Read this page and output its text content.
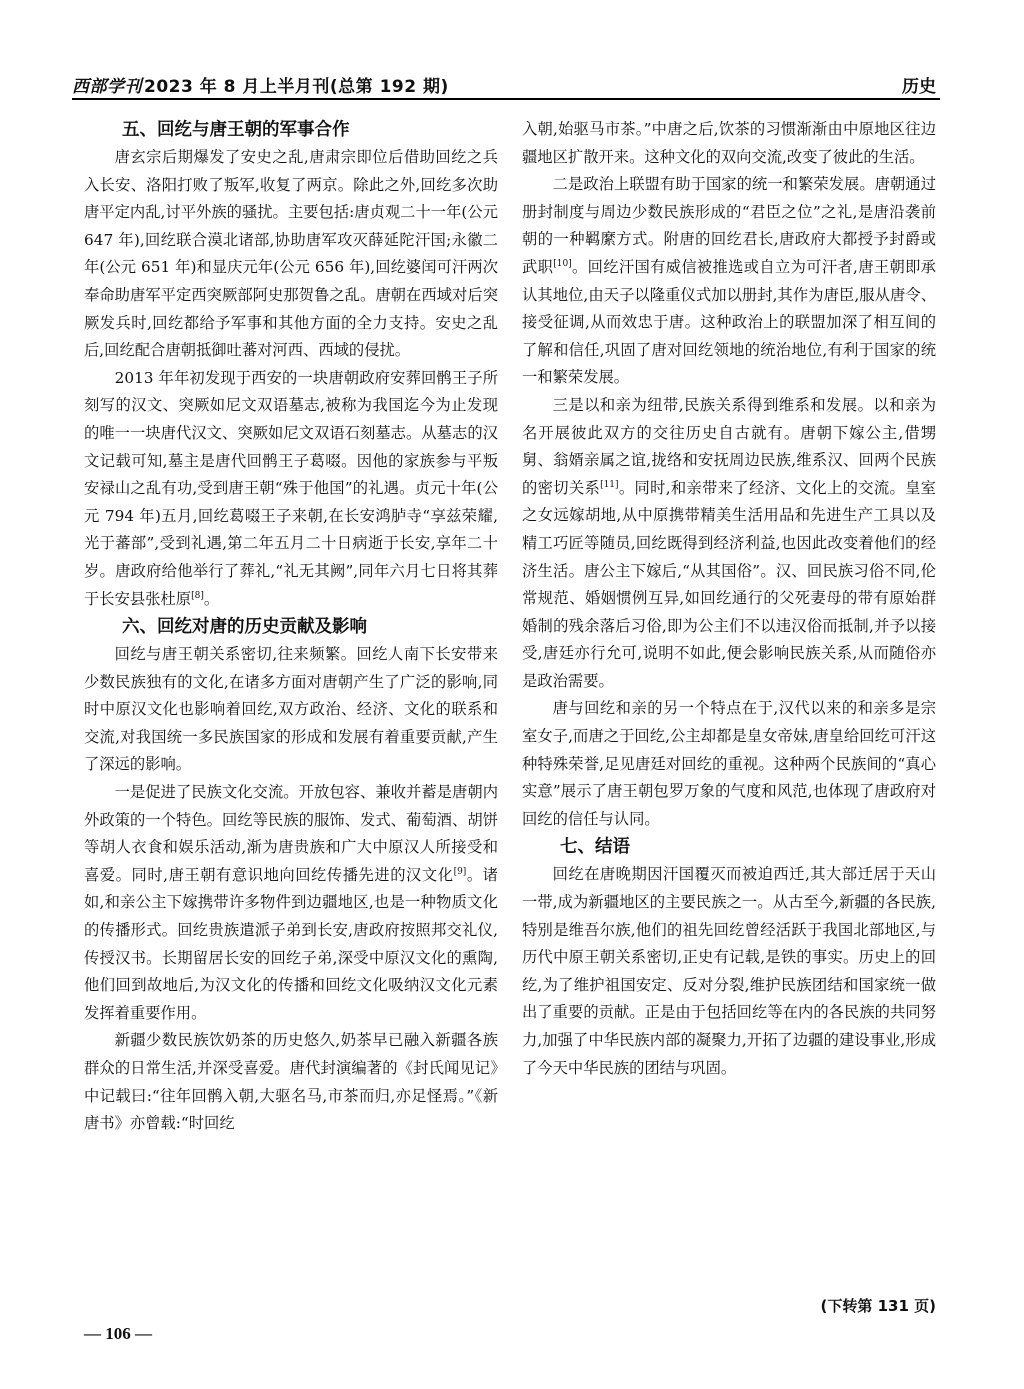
西部学刊 2023 年 8 月上半月刊(总第 192 期)	历史
五、回纥与唐王朝的军事合作

唐玄宗后期爆发了安史之乱,唐肃宗即位后借助回纥之兵入长安、洛阳打败了叛军,收复了两京。除此之外,回纥多次助唐平定内乱,讨平外族的骚扰。主要包括:唐贞观二十一年(公元 647 年),回纥联合漠北诸部,协助唐军攻灭薛延陀汗国;永徽二年(公元 651 年)和显庆元年(公元 656 年),回纥婆闰可汗两次奉命助唐军平定西突厥部阿史那贺鲁之乱。唐朝在西域对后突厥发兵时,回纥都给予军事和其他方面的全力支持。安史之乱后,回纥配合唐朝抵御吐蕃对河西、西域的侵扰。

2013 年年初发现于西安的一块唐朝政府安葬回鹘王子所刻写的汉文、突厥如尼文双语墓志,被称为我国迄今为止发现的唯一一块唐代汉文、突厥如尼文双语石刻墓志。从墓志的汉文记载可知,墓主是唐代回鹘王子葛啜。因他的家族参与平叛安禄山之乱有功,受到唐王朝“殊于他国”的礼遇。贞元十年(公元 794 年)五月,回纥葛啜王子来朝,在长安鸿胪寺“享兹荣耀,光于蕃部”,受到礼遇,第二年五月二十日病逝于长安,享年二十岁。唐政府给他举行了葬礼,“礼无其阙”,同年六月七日将其葬于长安县张杜原[8]。

六、回纥对唐的历史贡献及影响

回纥与唐王朝关系密切,往来频繁。回纥人南下长安带来少数民族独有的文化,在诸多方面对唐朝产生了广泛的影响,同时中原汉文化也影响着回纥,双方政治、经济、文化的联系和交流,对我国统一多民族国家的形成和发展有着重要贡献,产生了深远的影响。

一是促进了民族文化交流。开放包容、兼收并蓄是唐朝内外政策的一个特色。回纥等民族的服饰、发式、葡萄酒、胡饼等胡人衣食和娱乐活动,渐为唐贵族和广大中原汉人所接受和喜爱。同时,唐王朝有意识地向回纥传播先进的汉文化[9]。诸如,和亲公主下嫁携带许多物件到边疆地区,也是一种物质文化的传播形式。回纥贵族遣派子弟到长安,唐政府按照邦交礼仪,传授汉书。长期留居长安的回纥子弟,深受中原汉文化的熏陶,他们回到故地后,为汉文化的传播和回纥文化吸纳汉文化元素发挥着重要作用。

新疆少数民族饮奶茶的历史悠久,奶茶早已融入新疆各族群众的日常生活,并深受喜爱。唐代封演编著的《封氏闻见记》中记载曰:“往年回鹘入朝,大驱名马,市茶而归,亦足怪焉。”《新唐书》亦曾载:“时回纥

入朝,始驱马市茶。”中唐之后,饮茶的习惯渐渐由中原地区往边疆地区扩散开来。这种文化的双向交流,改变了彼此的生活。

二是政治上联盟有助于国家的统一和繁荣发展。唐朝通过册封制度与周边少数民族形成的“君臣之位”之礼,是唐沿袭前朝的一种羁縻方式。附唐的回纥君长,唐政府大都授予封爵或武职[10]。回纥汗国有威信被推选或自立为可汗者,唐王朝即承认其地位,由天子以隆重仪式加以册封,其作为唐臣,服从唐令、接受征调,从而效忠于唐。这种政治上的联盟加深了相互间的了解和信任,巩固了唐对回纥领地的统治地位,有利于国家的统一和繁荣发展。

三是以和亲为纽带,民族关系得到维系和发展。以和亲为名开展彼此双方的交往历史自古就有。唐朝下嫁公主,借甥舅、翁婿亲属之谊,拢络和安抚周边民族,维系汉、回两个民族的密切关系[11]。同时,和亲带来了经济、文化上的交流。皇室之女远嫁胡地,从中原携带精美生活用品和先进生产工具以及精工巧匠等随员,回纥既得到经济利益,也因此改变着他们的经济生活。唐公主下嫁后,“从其国俗”。汉、回民族习俗不同,伦常规范、婚姻惯例互异,如回纥通行的父死妻母的带有原始群婚制的残余落后习俗,即为公主们不以违汉俗而抵制,并予以接受,唐廷亦行允可,说明不如此,便会影响民族关系,从而随俗亦是政治需要。

唐与回纥和亲的另一个特点在于,汉代以来的和亲多是宗室女子,而唐之于回纥,公主却都是皇女帝妹,唐皇给回纥可汗这种特殊荣誉,足见唐廷对回纥的重视。这种两个民族间的“真心实意”展示了唐王朝包罗万象的气度和风范,也体现了唐政府对回纥的信任与认同。

七、结语

回纥在唐晚期因汗国覆灭而被迫西迁,其大部迁居于天山一带,成为新疆地区的主要民族之一。从古至今,新疆的各民族,特别是维吾尔族,他们的祖先回纥曾经活跃于我国北部地区,与历代中原王朝关系密切,正史有记载,是铁的事实。历史上的回纥,为了维护祖国安定、反对分裂,维护民族团结和国家统一做出了重要的贡献。正是由于包括回纥等在内的各民族的共同努力,加强了中华民族内部的凝聚力,开拓了边疆的建设事业,形成了今天中华民族的团结与巩固。

(下转第 131 页)
— 106 —
